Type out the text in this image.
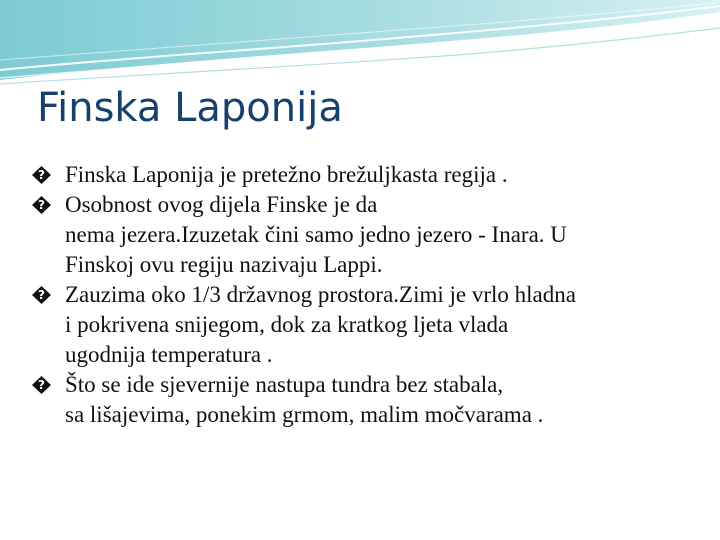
Finska Laponija
? Finska Laponija je pretežno brežuljkasta regija .
? Osobnost ovog dijela Finske je da
nema jezera.Izuzetak čini samo jedno jezero - Inara. U
Finskoj ovu regiju nazivaju Lappi.
? Zauzima oko 1/3 državnog prostora.Zimi je vrlo hladna
i pokrivena snijegom, dok za kratkog ljeta vlada
ugodnija temperatura .
? Što se ide sjevernije nastupa tundra bez stabala,
sa lišajevima, ponekim grmom, malim močvarama .
